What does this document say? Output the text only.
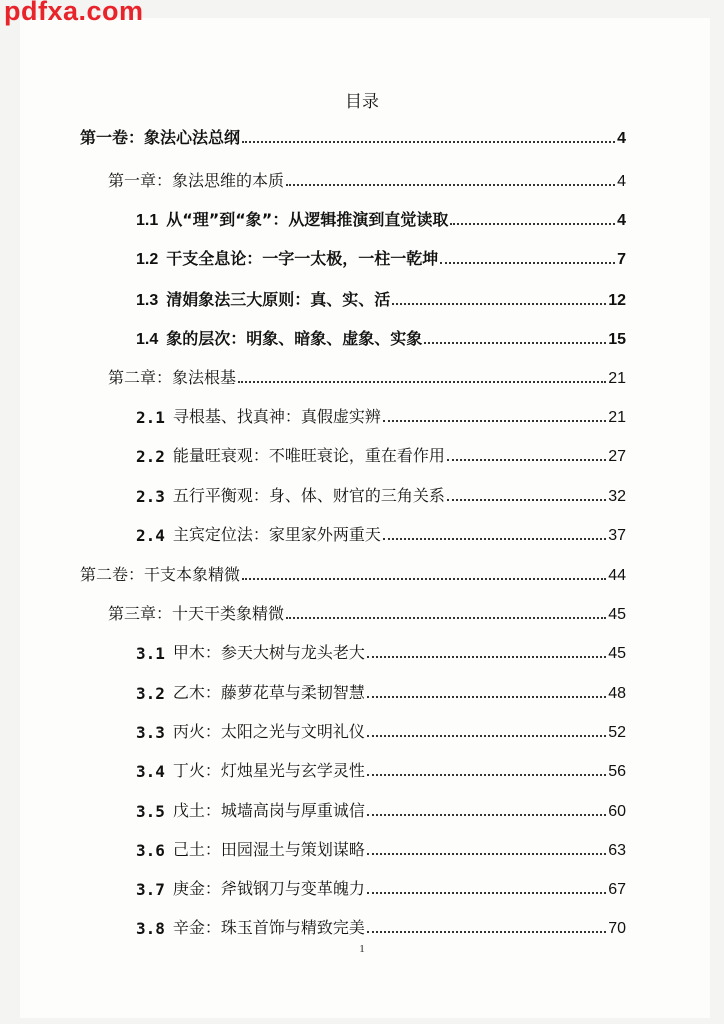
pdfxa.com
目录
第一卷：象法心法总纲	4
第一章：象法思维的本质	4
1.1 从“理”到“象”：从逻辑推演到直觉读取	4
1.2 干支全息论：一字一太极，一柱一乾坤	7
1.3 清娟象法三大原则：真、实、活	12
1.4 象的层次：明象、暗象、虚象、实象	15
第二章：象法根基	21
2.1 寻根基、找真神：真假虚实辨	21
2.2 能量旺衰观：不唯旺衰论，重在看作用	27
2.3 五行平衡观：身、体、财官的三角关系	32
2.4 主宾定位法：家里家外两重天	37
第二卷：干支本象精微	44
第三章：十天干类象精微	45
3.1 甲木：参天大树与龙头老大	45
3.2 乙木：藤萝花草与柔韧智慧	48
3.3 丙火：太阳之光与文明礼仪	52
3.4 丁火：灯烛星光与玄学灵性	56
3.5 戊土：城墙高岗与厚重诚信	60
3.6 己土：田园湿土与策划谋略	63
3.7 庚金：斧钺钢刀与变革魄力	67
3.8 辛金：珠玉首饰与精致完美	70
1
